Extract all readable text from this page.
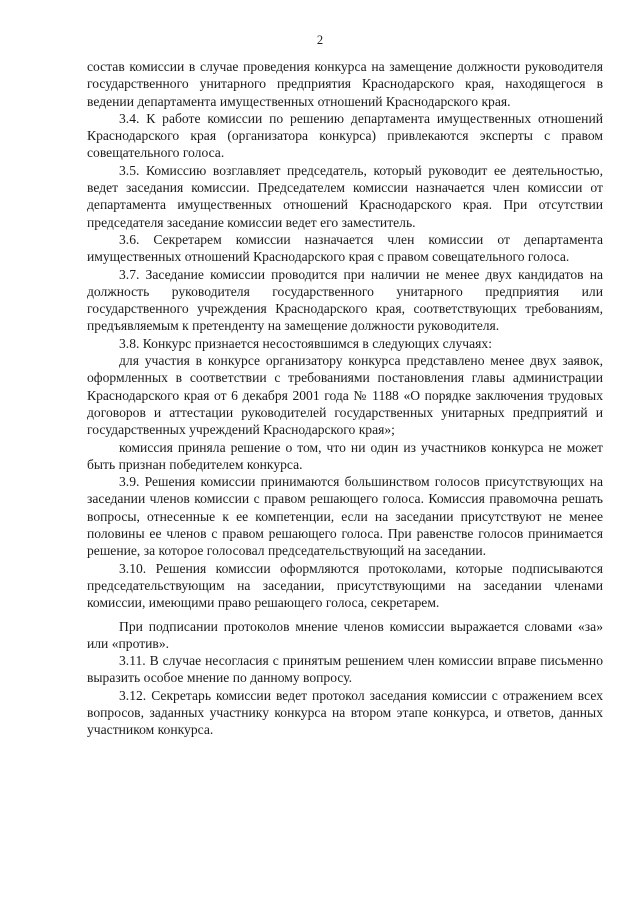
2

состав комиссии в случае проведения конкурса на замещение должности руководителя государственного унитарного предприятия Краснодарского края, находящегося в ведении департамента имущественных отношений Краснодарского края.

3.4. К работе комиссии по решению департамента имущественных отношений Краснодарского края (организатора конкурса) привлекаются эксперты с правом совещательного голоса.

3.5. Комиссию возглавляет председатель, который руководит ее деятельностью, ведет заседания комиссии. Председателем комиссии назначается член комиссии от департамента имущественных отношений Краснодарского края. При отсутствии председателя заседание комиссии ведет его заместитель.

3.6. Секретарем комиссии назначается член комиссии от департамента имущественных отношений Краснодарского края с правом совещательного голоса.

3.7. Заседание комиссии проводится при наличии не менее двух кандидатов на должность руководителя государственного унитарного предприятия или государственного учреждения Краснодарского края, соответствующих требованиям, предъявляемым к претенденту на замещение должности руководителя.

3.8. Конкурс признается несостоявшимся в следующих случаях:

для участия в конкурсе организатору конкурса представлено менее двух заявок, оформленных в соответствии с требованиями постановления главы администрации Краснодарского края от 6 декабря 2001 года № 1188 «О порядке заключения трудовых договоров и аттестации руководителей государственных унитарных предприятий и государственных учреждений Краснодарского края»;

комиссия приняла решение о том, что ни один из участников конкурса не может быть признан победителем конкурса.

3.9. Решения комиссии принимаются большинством голосов присутствующих на заседании членов комиссии с правом решающего голоса. Комиссия правомочна решать вопросы, отнесенные к ее компетенции, если на заседании присутствуют не менее половины ее членов с правом решающего голоса. При равенстве голосов принимается решение, за которое голосовал председательствующий на заседании.

3.10. Решения комиссии оформляются протоколами, которые подписываются председательствующим на заседании, присутствующими на заседании членами комиссии, имеющими право решающего голоса, секретарем.

При подписании протоколов мнение членов комиссии выражается словами «за» или «против».

3.11. В случае несогласия с принятым решением член комиссии вправе письменно выразить особое мнение по данному вопросу.

3.12. Секретарь комиссии ведет протокол заседания комиссии с отражением всех вопросов, заданных участнику конкурса на втором этапе конкурса, и ответов, данных участником конкурса.
